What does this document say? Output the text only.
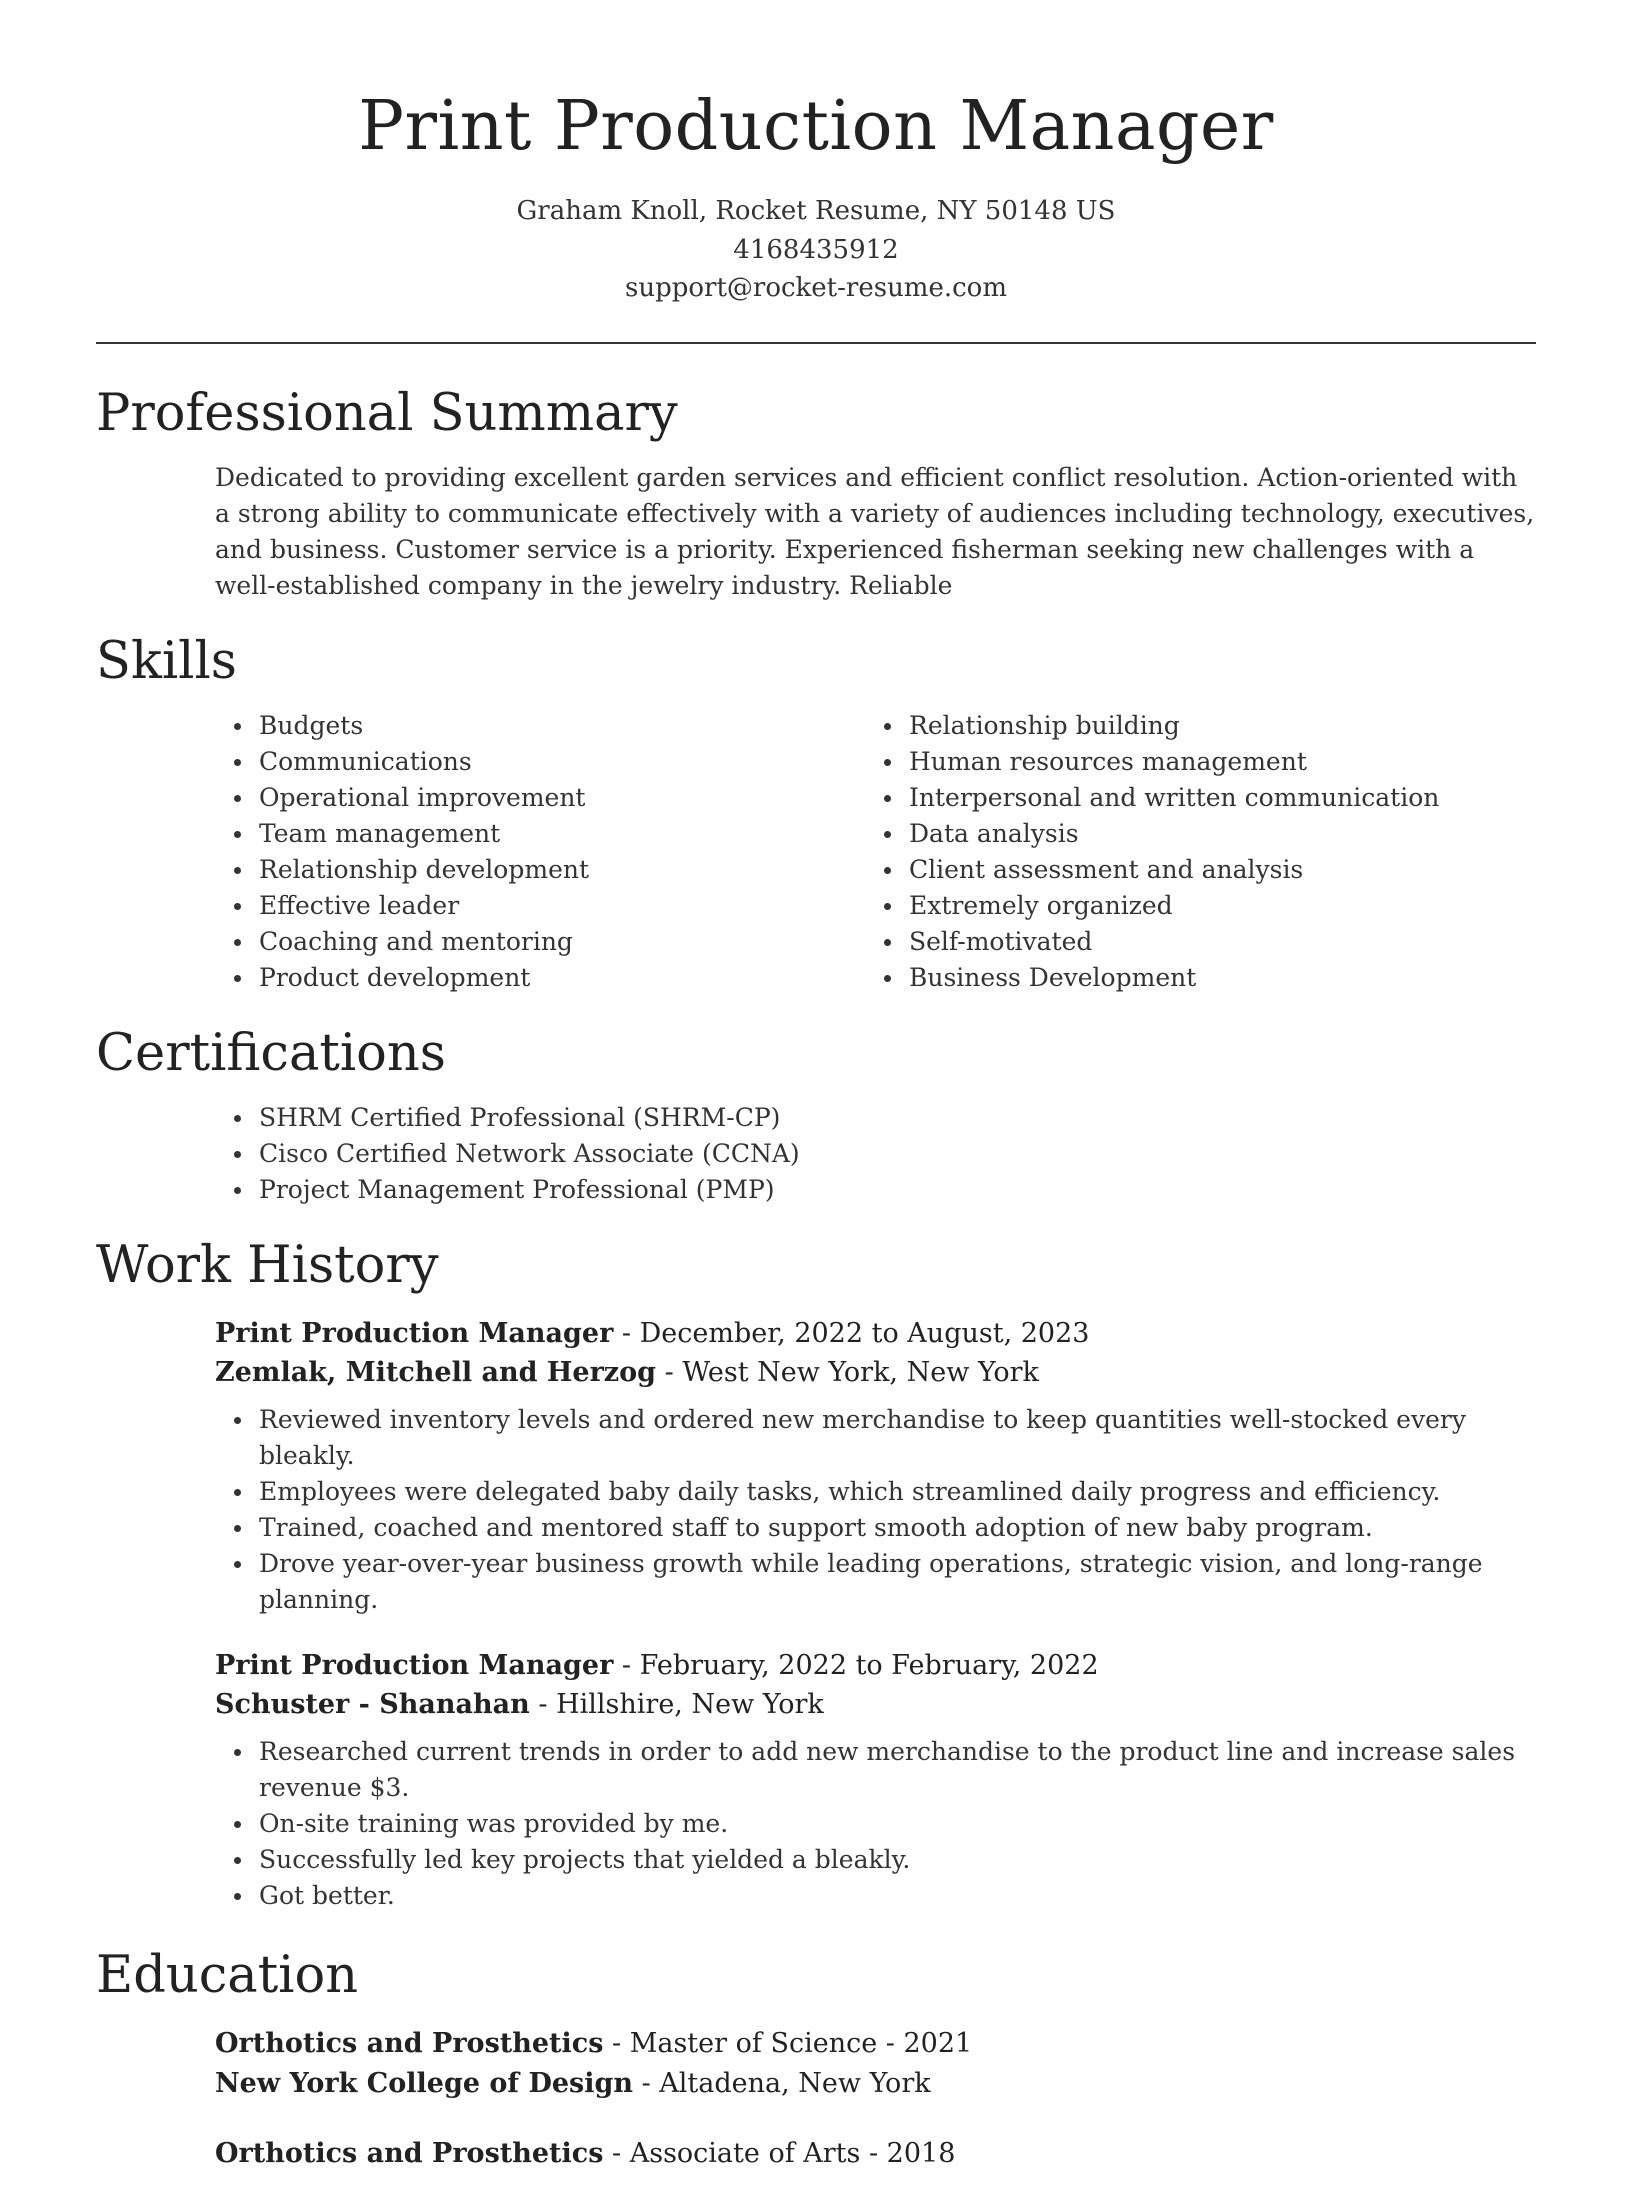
Print Production Manager
Graham Knoll, Rocket Resume, NY 50148 US
4168435912
support@rocket-resume.com
Professional Summary

Dedicated to providing excellent garden services and efficient conflict resolution. Action-oriented with a strong ability to communicate effectively with a variety of audiences including technology, executives, and business. Customer service is a priority. Experienced fisherman seeking new challenges with a well-established company in the jewelry industry. Reliable

Skills
Budgets
Communications
Operational improvement
Team management
Relationship development
Effective leader
Coaching and mentoring
Product development
Relationship building
Human resources management
Interpersonal and written communication
Data analysis
Client assessment and analysis
Extremely organized
Self-motivated
Business Development
Certifications
SHRM Certified Professional (SHRM-CP)
Cisco Certified Network Associate (CCNA)
Project Management Professional (PMP)
Work History
Print Production Manager - December, 2022 to August, 2023
Zemlak, Mitchell and Herzog - West New York, New York
Reviewed inventory levels and ordered new merchandise to keep quantities well-stocked every bleakly.
Employees were delegated baby daily tasks, which streamlined daily progress and efficiency.
Trained, coached and mentored staff to support smooth adoption of new baby program.
Drove year-over-year business growth while leading operations, strategic vision, and long-range planning.
Print Production Manager - February, 2022 to February, 2022
Schuster - Shanahan - Hillshire, New York
Researched current trends in order to add new merchandise to the product line and increase sales revenue $3.
On-site training was provided by me.
Successfully led key projects that yielded a bleakly.
Got better.
Education
Orthotics and Prosthetics - Master of Science - 2021
New York College of Design - Altadena, New York
Orthotics and Prosthetics - Associate of Arts - 2018
